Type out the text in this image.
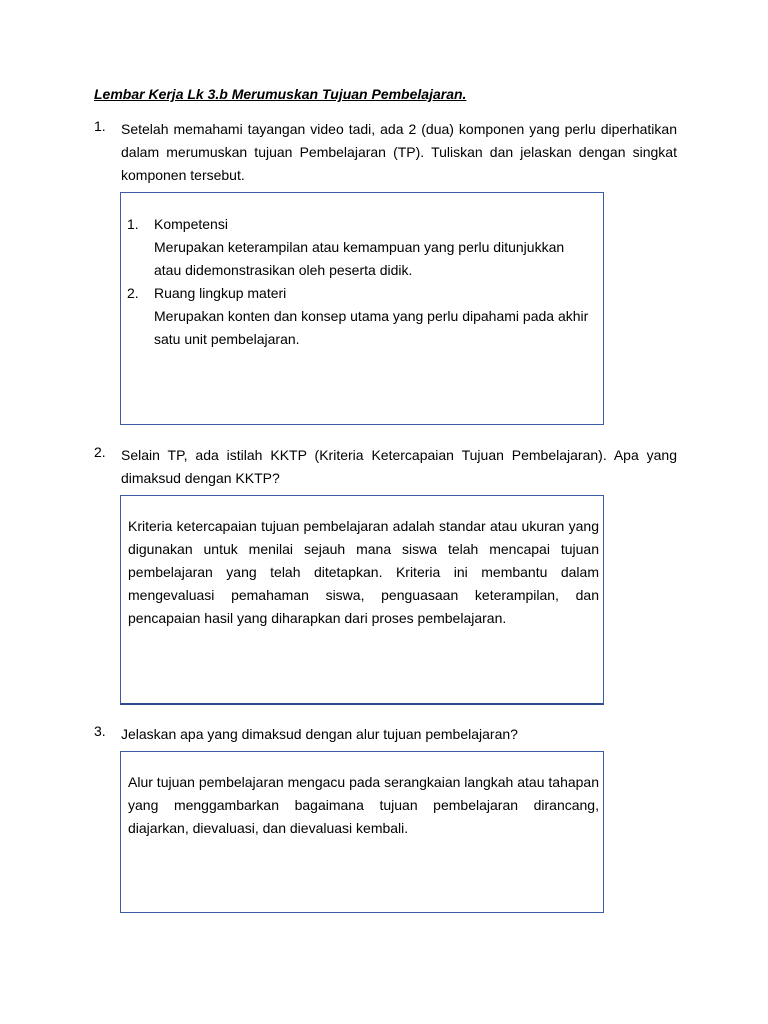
Lembar Kerja Lk 3.b Merumuskan Tujuan Pembelajaran.
1. Setelah memahami tayangan video tadi, ada 2 (dua) komponen yang perlu diperhatikan dalam merumuskan tujuan Pembelajaran (TP). Tuliskan dan jelaskan dengan singkat komponen tersebut.
1. Kompetensi
Merupakan keterampilan atau kemampuan yang perlu ditunjukkan atau didemonstrasikan oleh peserta didik.
2. Ruang lingkup materi
Merupakan konten dan konsep utama yang perlu dipahami pada akhir satu unit pembelajaran.
2. Selain TP, ada istilah KKTP (Kriteria Ketercapaian Tujuan Pembelajaran). Apa yang dimaksud dengan KKTP?

Kriteria ketercapaian tujuan pembelajaran adalah standar atau ukuran yang digunakan untuk menilai sejauh mana siswa telah mencapai tujuan pembelajaran yang telah ditetapkan. Kriteria ini membantu dalam mengevaluasi pemahaman siswa, penguasaan keterampilan, dan pencapaian hasil yang diharapkan dari proses pembelajaran.

3. Jelaskan apa yang dimaksud dengan alur tujuan pembelajaran?

Alur tujuan pembelajaran mengacu pada serangkaian langkah atau tahapan yang menggambarkan bagaimana tujuan pembelajaran dirancang, diajarkan, dievaluasi, dan dievaluasi kembali.
